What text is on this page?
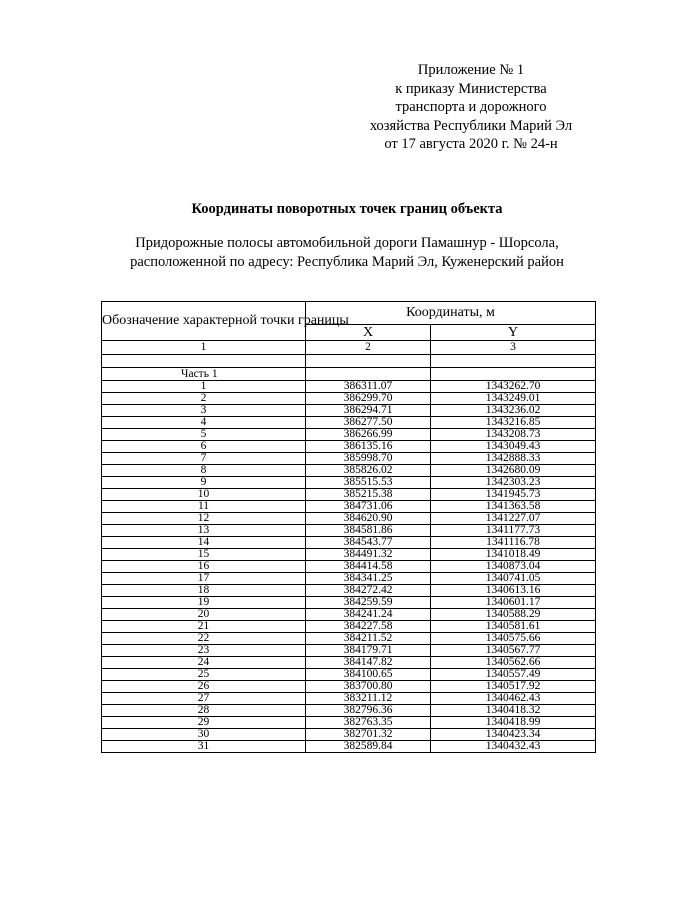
Приложение № 1
к приказу Министерства
транспорта и дорожного
хозяйства Республики Марий Эл
от 17 августа 2020 г. № 24-н
Координаты поворотных точек границ объекта
Придорожные полосы автомобильной дороги Памашнур - Шорсола,
расположенной по адресу: Республика Марий Эл, Куженерский район
Обозначение характерной точки границы	Координаты, м	
	X	Y
1	2	3

Часть 1		
1	386311.07	1343262.70
2	386299.70	1343249.01
3	386294.71	1343236.02
4	386277.50	1343216.85
5	386266.99	1343208.73
6	386135.16	1343049.43
7	385998.70	1342888.33
8	385826.02	1342680.09
9	385515.53	1342303.23
10	385215.38	1341945.73
11	384731.06	1341363.58
12	384620.90	1341227.07
13	384581.86	1341177.73
14	384543.77	1341116.78
15	384491.32	1341018.49
16	384414.58	1340873.04
17	384341.25	1340741.05
18	384272.42	1340613.16
19	384259.59	1340601.17
20	384241.24	1340588.29
21	384227.58	1340581.61
22	384211.52	1340575.66
23	384179.71	1340567.77
24	384147.82	1340562.66
25	384100.65	1340557.49
26	383700.80	1340517.92
27	383211.12	1340462.43
28	382796.36	1340418.32
29	382763.35	1340418.99
30	382701.32	1340423.34
31	382589.84	1340432.43
